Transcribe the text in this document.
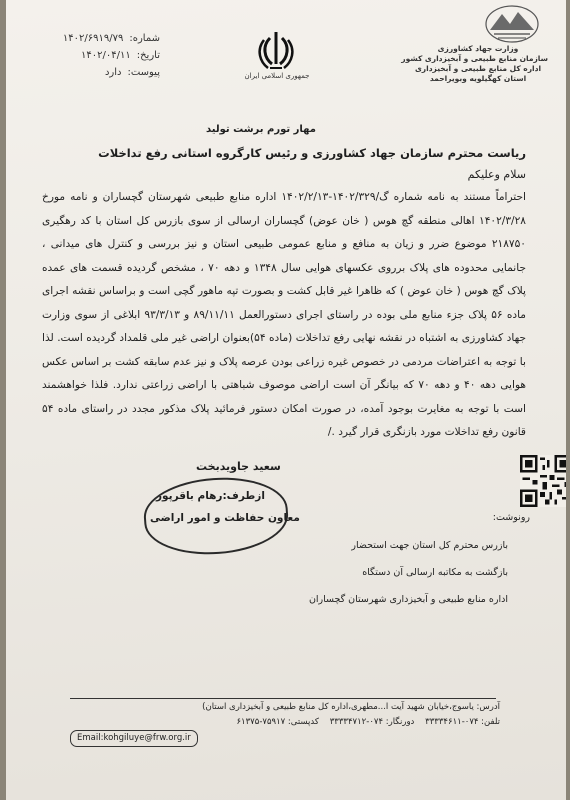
وزارت جهاد کشاورزی
سازمان منابع طبیعی و آبخیزداری کشور
اداره کل منابع طبیعی و آبخیزداری
استان کهگیلویه وبویراحمد
جمهوری اسلامی ایران
شماره:
۱۴۰۲/۶۹۱۹/۷۹
تاریخ:
۱۴۰۲/۰۴/۱۱
پیوست:
دارد
مهار تورم برشت تولید
ریاست محترم سازمان جهاد کشاورزی و رئیس کارگروه استانی رفع تداخلات
سلام وعلیکم

احتراماً مستند به نامه شماره گ/۱۴۰۲/۳۲۹-۱۴۰۲/۲/۱۳ اداره منابع طبیعی شهرستان گچساران و نامه مورخ ۱۴۰۲/۳/۲۸ اهالی منطقه گچ هوس ( خان عوض) گچساران ارسالی از سوی بازرس کل استان با کد رهگیری ۲۱۸۷۵۰ موضوع ضرر و زیان به منافع و منابع عمومی طبیعی استان و نیز بررسی و کنترل های میدانی ، جانمایی محدوده های پلاک برروی عکسهای هوایی سال ۱۳۴۸ و دهه ۷۰ ، مشخص گردیده قسمت های عمده پلاک گچ هوس ( خان عوض ) که ظاهرا غیر قابل کشت و بصورت تپه ماهور گچی است و براساس نقشه اجرای ماده ۵۶ پلاک جزء منابع ملی بوده در راستای اجرای دستورالعمل ۸۹/۱۱/۱۱ و ۹۳/۳/۱۳ ابلاغی از سوی وزارت جهاد کشاورزی به اشتباه در نقشه نهایی رفع تداخلات (ماده ۵۴)بعنوان اراضی غیر ملی قلمداد گردیده است. لذا با توجه به اعتراضات مردمی در خصوص غیره زراعی بودن عرصه پلاک و نیز عدم سابقه کشت بر اساس عکس هوایی دهه ۴۰ و دهه ۷۰ که بیانگر آن است اراضی موصوف شباهتی با اراضی زراعتی ندارد. فلذا خواهشمند است با توجه به مغایرت بوجود آمده، در صورت امکان دستور فرمائید پلاک مذکور مجدد در راستای ماده ۵۴ قانون رفع تداخلات مورد بازنگری قرار گیرد ./

سعید جاویدبخت
ازطرف:رهام باقرپور
معاون حفاظت و امور اراضی	رونوشت:
بازرس محترم کل استان جهت استحضار
بازگشت به مکاتبه ارسالی آن دستگاه
اداره منابع طبیعی و آبخیزداری شهرستان گچساران
آدرس: یاسوج،خیابان شهید آیت ا...مطهری،اداره کل منابع طبیعی و آبخیزداری استان)
تلفن: ۰۷۴-۳۳۳۳۴۶۱۱    دورنگار: ۰۷۴-۳۳۳۳۴۷۱۲    کدپستی: ۷۵۹۱۷-۶۱۳۷۵
Email:kohgiluye@frw.org.ir
